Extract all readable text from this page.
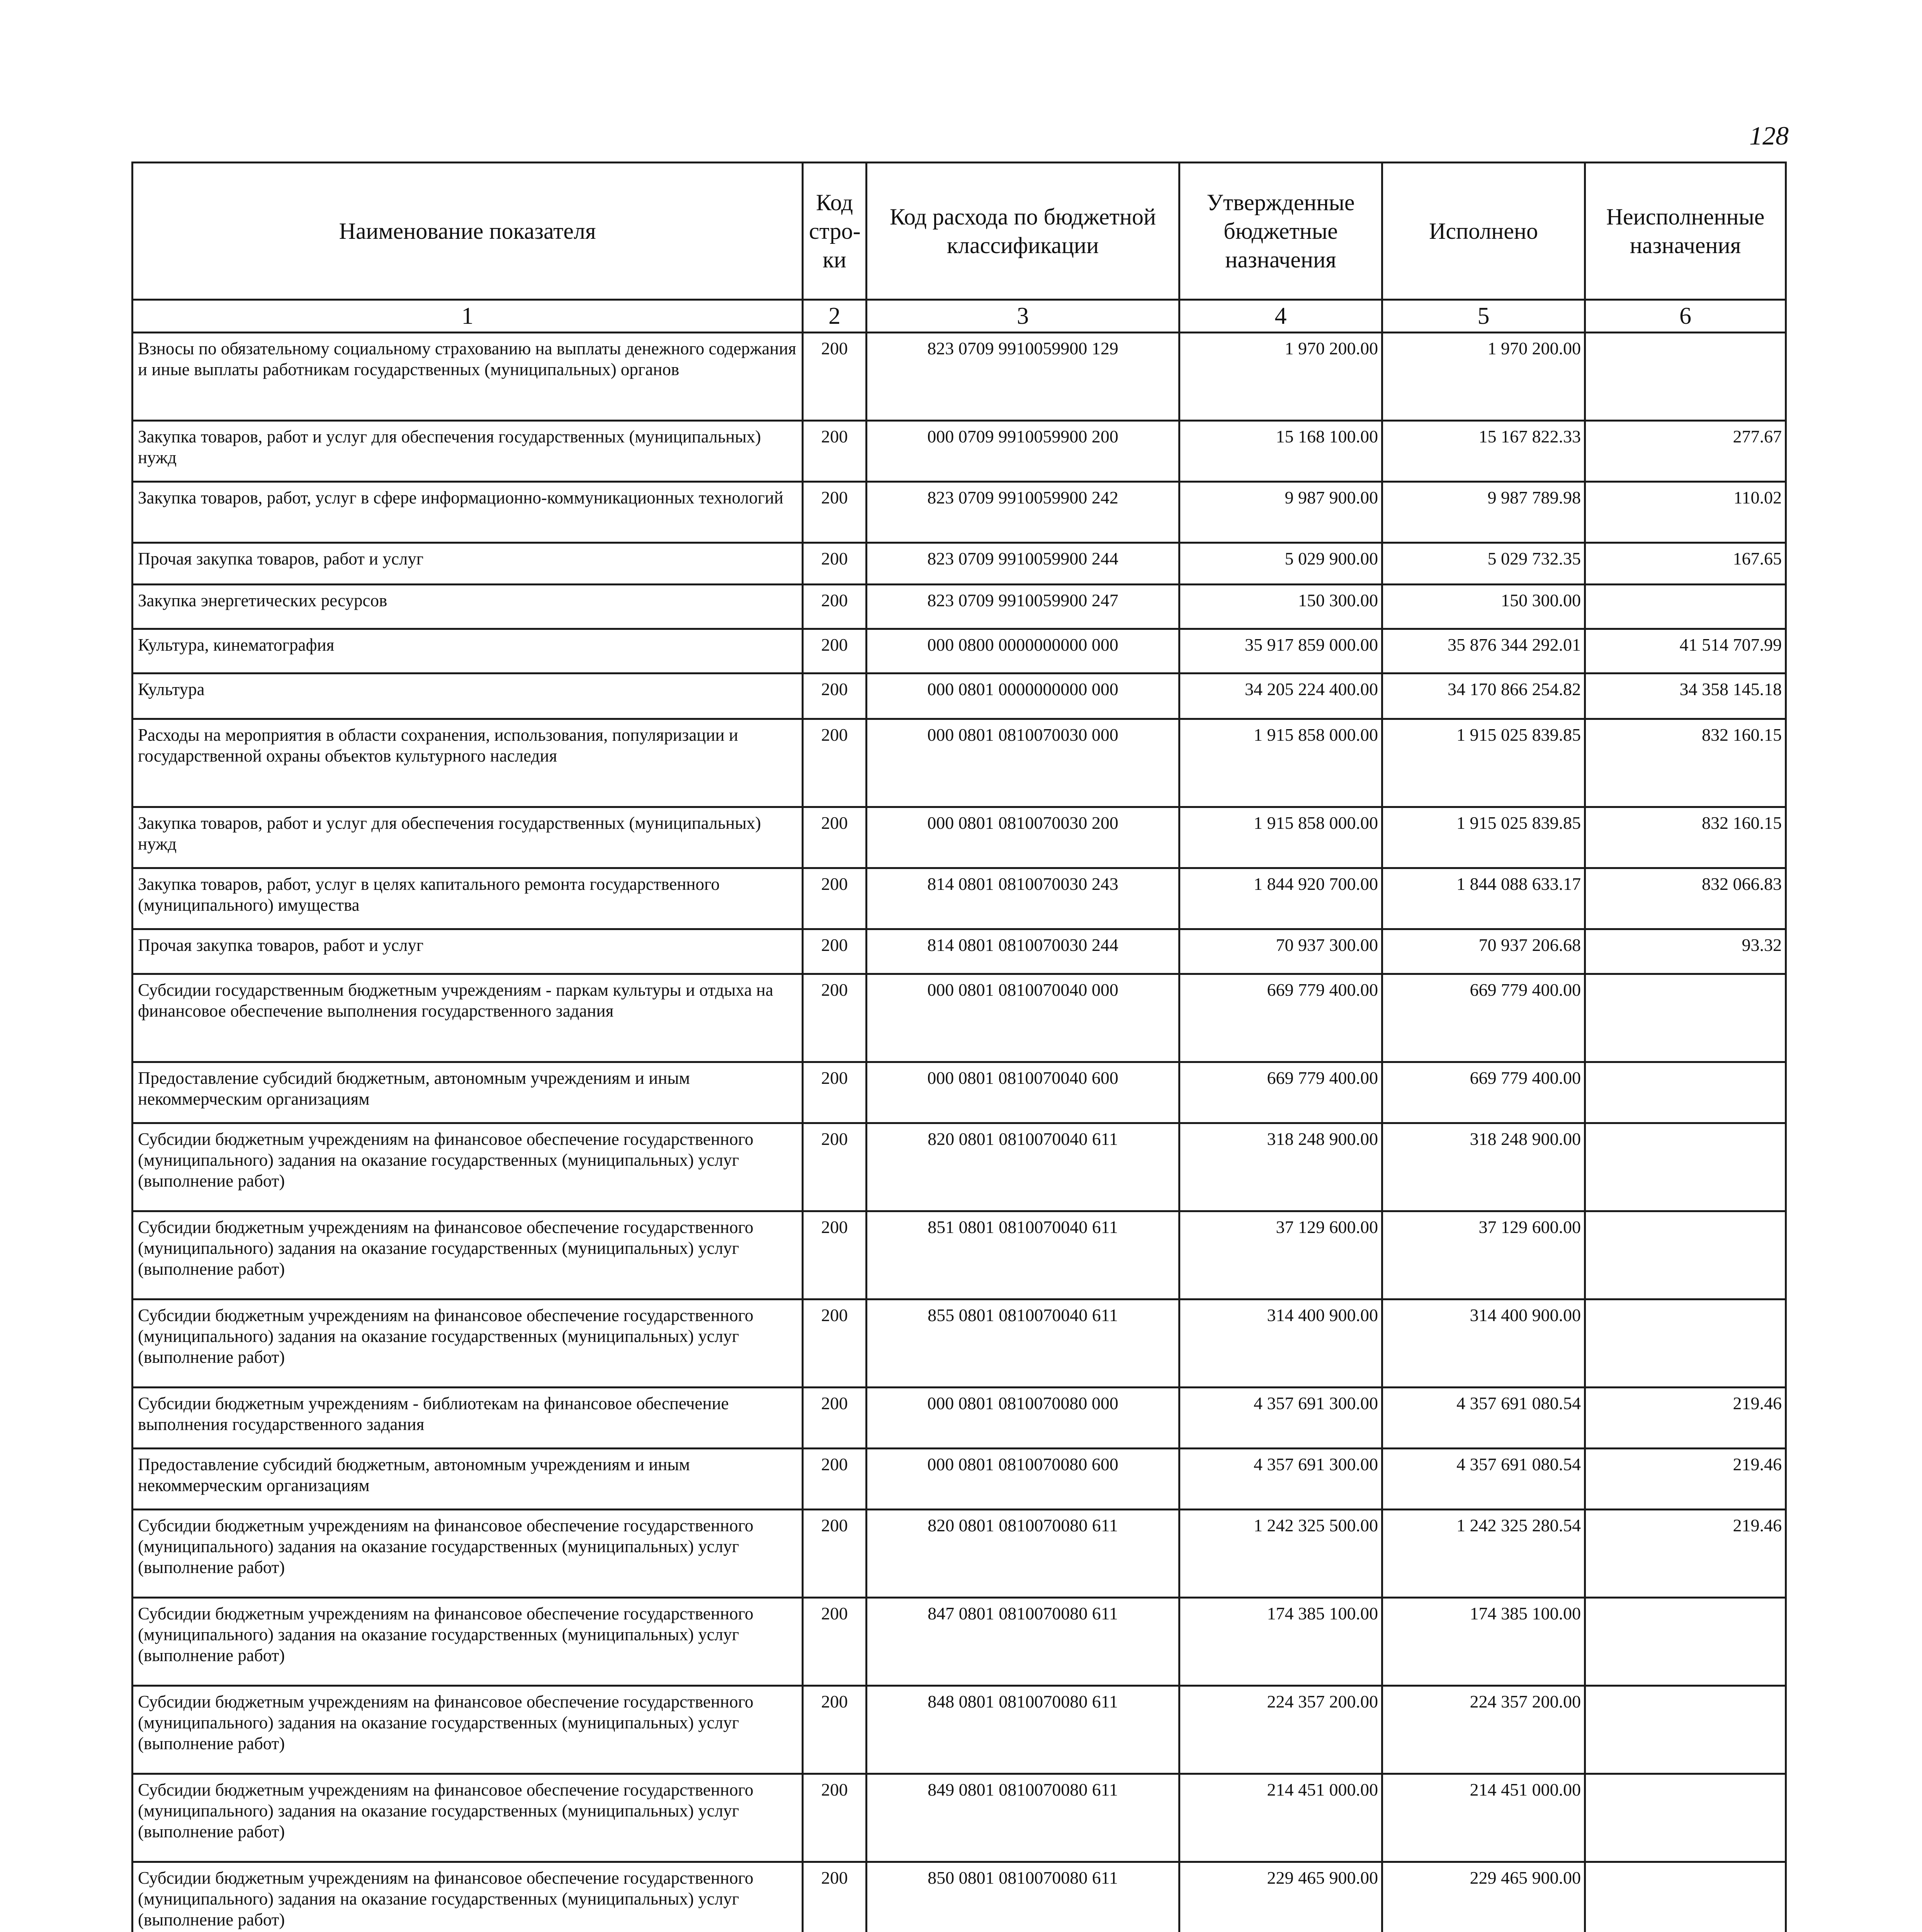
128
Наименование показателя	Код стро-ки	Код расхода по бюджетной классификации	Утвержденные бюджетные назначения	Исполнено	Неисполненные назначения
1	2	3	4	5	6
Взносы по обязательному социальному страхованию на выплаты денежного содержания и иные выплаты работникам государственных (муниципальных) органов	200	823 0709 9910059900 129	1 970 200.00	1 970 200.00	
Закупка товаров, работ и услуг для обеспечения государственных (муниципальных) нужд	200	000 0709 9910059900 200	15 168 100.00	15 167 822.33	277.67
Закупка товаров, работ, услуг в сфере информационно-коммуникационных технологий	200	823 0709 9910059900 242	9 987 900.00	9 987 789.98	110.02
Прочая закупка товаров, работ и услуг	200	823 0709 9910059900 244	5 029 900.00	5 029 732.35	167.65
Закупка энергетических ресурсов	200	823 0709 9910059900 247	150 300.00	150 300.00	
Культура, кинематография	200	000 0800 0000000000 000	35 917 859 000.00	35 876 344 292.01	41 514 707.99
Культура	200	000 0801 0000000000 000	34 205 224 400.00	34 170 866 254.82	34 358 145.18
Расходы на мероприятия в области сохранения, использования, популяризации и государственной охраны объектов культурного наследия	200	000 0801 0810070030 000	1 915 858 000.00	1 915 025 839.85	832 160.15
Закупка товаров, работ и услуг для обеспечения государственных (муниципальных) нужд	200	000 0801 0810070030 200	1 915 858 000.00	1 915 025 839.85	832 160.15
Закупка товаров, работ, услуг в целях капитального ремонта государственного (муниципального) имущества	200	814 0801 0810070030 243	1 844 920 700.00	1 844 088 633.17	832 066.83
Прочая закупка товаров, работ и услуг	200	814 0801 0810070030 244	70 937 300.00	70 937 206.68	93.32
Субсидии государственным бюджетным учреждениям - паркам культуры и отдыха на финансовое обеспечение выполнения государственного задания	200	000 0801 0810070040 000	669 779 400.00	669 779 400.00	
Предоставление субсидий бюджетным, автономным учреждениям и иным некоммерческим организациям	200	000 0801 0810070040 600	669 779 400.00	669 779 400.00	
Субсидии бюджетным учреждениям на финансовое обеспечение государственного (муниципального) задания на оказание государственных (муниципальных) услуг (выполнение работ)	200	820 0801 0810070040 611	318 248 900.00	318 248 900.00	
Субсидии бюджетным учреждениям на финансовое обеспечение государственного (муниципального) задания на оказание государственных (муниципальных) услуг (выполнение работ)	200	851 0801 0810070040 611	37 129 600.00	37 129 600.00	
Субсидии бюджетным учреждениям на финансовое обеспечение государственного (муниципального) задания на оказание государственных (муниципальных) услуг (выполнение работ)	200	855 0801 0810070040 611	314 400 900.00	314 400 900.00	
Субсидии бюджетным учреждениям - библиотекам на финансовое обеспечение выполнения государственного задания	200	000 0801 0810070080 000	4 357 691 300.00	4 357 691 080.54	219.46
Предоставление субсидий бюджетным, автономным учреждениям и иным некоммерческим организациям	200	000 0801 0810070080 600	4 357 691 300.00	4 357 691 080.54	219.46
Субсидии бюджетным учреждениям на финансовое обеспечение государственного (муниципального) задания на оказание государственных (муниципальных) услуг (выполнение работ)	200	820 0801 0810070080 611	1 242 325 500.00	1 242 325 280.54	219.46
Субсидии бюджетным учреждениям на финансовое обеспечение государственного (муниципального) задания на оказание государственных (муниципальных) услуг (выполнение работ)	200	847 0801 0810070080 611	174 385 100.00	174 385 100.00	
Субсидии бюджетным учреждениям на финансовое обеспечение государственного (муниципального) задания на оказание государственных (муниципальных) услуг (выполнение работ)	200	848 0801 0810070080 611	224 357 200.00	224 357 200.00	
Субсидии бюджетным учреждениям на финансовое обеспечение государственного (муниципального) задания на оказание государственных (муниципальных) услуг (выполнение работ)	200	849 0801 0810070080 611	214 451 000.00	214 451 000.00	
Субсидии бюджетным учреждениям на финансовое обеспечение государственного (муниципального) задания на оказание государственных (муниципальных) услуг (выполнение работ)	200	850 0801 0810070080 611	229 465 900.00	229 465 900.00	
